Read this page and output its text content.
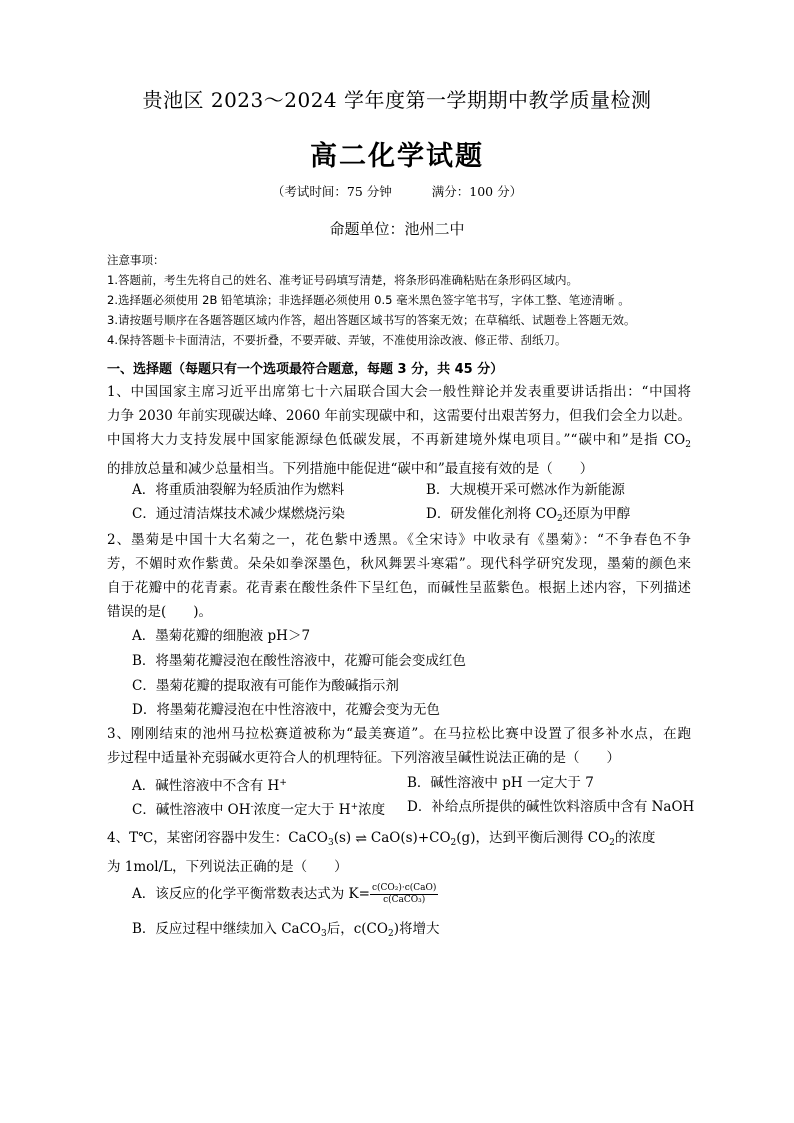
贵池区 2023～2024 学年度第一学期期中教学质量检测
高二化学试题
（考试时间：75 分钟	满分：100 分）
命题单位：池州二中
注意事项：
1.答题前，考生先将自己的姓名、准考证号码填写清楚，将条形码准确粘贴在条形码区域内。
2.选择题必须使用 2B 铅笔填涂；非选择题必须使用 0.5 毫米黑色签字笔书写，字体工整、笔迹清晰 。
3.请按题号顺序在各题答题区域内作答，超出答题区域书写的答案无效；在草稿纸、试题卷上答题无效。
4.保持答题卡卡面清洁，不要折叠，不要弄破、弄皱，不准使用涂改液、修正带、刮纸刀。
一、选择题（每题只有一个选项最符合题意，每题 3 分，共 45 分）

1、中国国家主席习近平出席第七十六届联合国大会一般性辩论并发表重要讲话指出：“中国将

力争 2030 年前实现碳达峰、2060 年前实现碳中和，这需要付出艰苦努力，但我们会全力以赴。

中国将大力支持发展中国家能源绿色低碳发展，不再新建境外煤电项目。”“碳中和”是指 $CO_2$

的排放总量和减少总量相当。下列措施中能促进“碳中和”最直接有效的是（　　）

A．将重质油裂解为轻质油作为燃料	B．大规模开采可燃冰作为新能源
C．通过清洁煤技术减少煤燃烧污染	D．研发催化剂将 $CO_2$还原为甲醇

2、墨菊是中国十大名菊之一，花色紫中透黑。《全宋诗》中收录有《墨菊》：“不争春色不争

芳，不媚时欢作紫黄。朵朵如拳深墨色，秋风舞罢斗寒霜”。现代科学研究发现，墨菊的颜色来

自于花瓣中的花青素。花青素在酸性条件下呈红色，而碱性呈蓝紫色。根据上述内容，下列描述

错误的是(　　)。

A．墨菊花瓣的细胞液 pH＞7
B．将墨菊花瓣浸泡在酸性溶液中，花瓣可能会变成红色
C．墨菊花瓣的提取液有可能作为酸碱指示剂
D．将墨菊花瓣浸泡在中性溶液中，花瓣会变为无色

3、刚刚结束的池州马拉松赛道被称为“最美赛道”。在马拉松比赛中设置了很多补水点，在跑

步过程中适量补充弱碱水更符合人的机理特征。下列溶液呈碱性说法正确的是（　　）

A．碱性溶液中不含有 H+	B．碱性溶液中 pH 一定大于 7
C．碱性溶液中 OH-浓度一定大于 H+浓度 D．补给点所提供的碱性饮料溶质中含有 NaOH

4、T℃，某密闭容器中发生：CaCO$_3$(s) ⇌ $CaO(s)+CO_2(g)$，达到平衡后测得 $CO_2$的浓度

为 1mol/L，下列说法正确的是（　　）

A．该反应的化学平衡常数表达式为 $K= \frac{\text{c(CO₂)·c(CaO)}}{\text{c(CaCO₃)}}$
B．反应过程中继续加入 CaCO$_3$后，$c(CO_2)$将增大
